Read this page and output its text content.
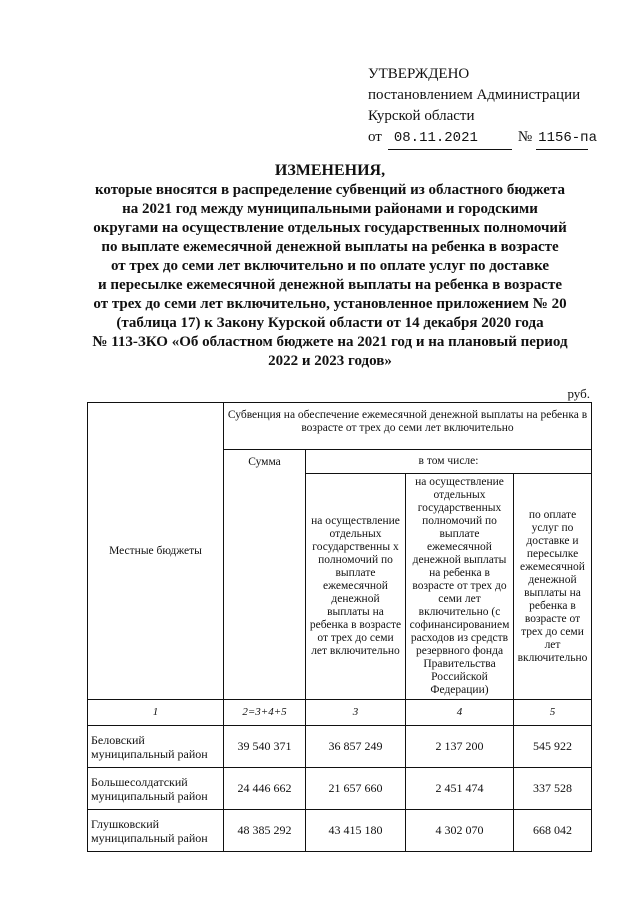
УТВЕРЖДЕНО
постановлением Администрации
Курской области
от 08.11.2021	№ 1156-па
ИЗМЕНЕНИЯ,
которые вносятся в распределение субвенций из областного бюджета
на 2021 год между муниципальными районами и городскими
округами на осуществление отдельных государственных полномочий
по выплате ежемесячной денежной выплаты на ребенка в возрасте
от трех до семи лет включительно и по оплате услуг по доставке
и пересылке ежемесячной денежной выплаты на ребенка в возрасте
от трех до семи лет включительно, установленное приложением № 20
(таблица 17) к Закону Курской области от 14 декабря 2020 года
№ 113-ЗКО «Об областном бюджете на 2021 год и на плановый период
2022 и 2023 годов»
руб.
Местные бюджеты	Субвенция на обеспечение ежемесячной денежной выплаты на ребенка в возрасте от трех до семи лет включительно			
	Сумма	в том числе:		
		на осуществление отдельных государственны х полномочий по выплате ежемесячной денежной выплаты на ребенка в возрасте от трех до семи лет включительно	на осуществление отдельных государственных полномочий по выплате ежемесячной денежной выплаты на ребенка в возрасте от трех до семи лет включительно (с софинансированием расходов из средств резервного фонда Правительства Российской Федерации)	по оплате услуг по доставке и пересылке ежемесячной денежной выплаты на ребенка в возрасте от трех до семи лет включительно
1	2=3+4+5	3	4	5
Беловский муниципальный район	39 540 371	36 857 249	2 137 200	545 922
Большесолдатский муниципальный район	24 446 662	21 657 660	2 451 474	337 528
Глушковский муниципальный район	48 385 292	43 415 180	4 302 070	668 042
